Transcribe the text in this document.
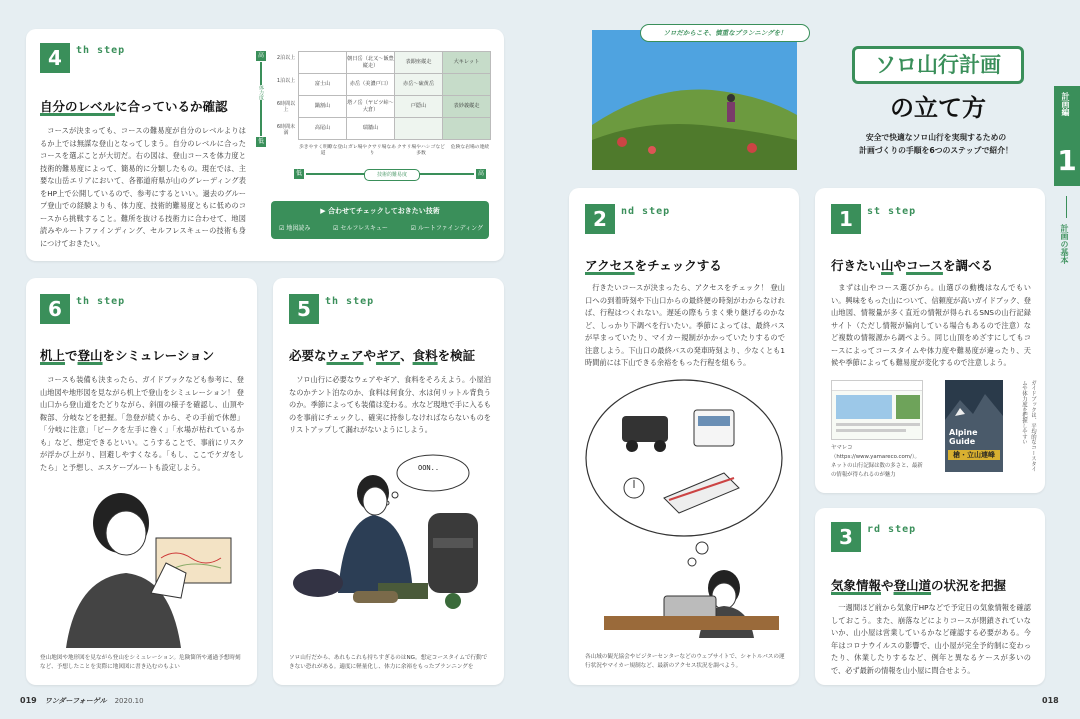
4	th step
自分のレベルに合っているか確認
コースが決まっても、コースの難易度が自分のレベルよりはるか上では無謀な登山となってしまう。自分のレベルに合ったコースを選ぶことが大切だ。右の図は、登山コースを体力度と技術的難易度によって、簡易的に分類したもの。現在では、主要な山岳エリアにおいて、各都道府県が山のグレーディング表をHP上で公開しているので、参考にするといい。過去のグループ登山での経験よりも、体力度、技術的難易度ともに低めのコースから挑戦すること。難所を抜ける技術力に合わせて、地図読みやルートファインディング、セルフレスキューの技術も身につけておきたい。
高
体力度
低
2泊以上
1泊以上
6時間以上
6時間未満
	朝日岳（北又〜飯豊縦走）	表銀座縦走	大キレット
富士山	赤岳（美濃戸口）	赤岳〜硫黄岳	
鍋割山	塔ノ岳（ヤビツ峠〜大倉）	戸隠山	表妙義縦走
高尾山	瑞牆山		
歩きやすく明瞭な登山道
ガレ場やクサリ場なあり
クサリ場やハシゴなど多数
危険な岩場の連続
低	技術的難易度	高
▶ 合わせてチェックしておきたい技術
☑ 地図読み	☑ セルフレスキュー	☑ ルートファインディング
6	th step
机上で登山をシミュレーション
コースも装備も決まったら、ガイドブックなども参考に、登山地図や地形図を見ながら机上で登山をシミュレーション！ 登山口から登山道をたどりながら、斜面の様子を確認し、山頂や鞍部、分岐などを把握。「急登が続くから、その手前で休憩」「分岐に注意」「ピークを左手に巻く」「水場が枯れているかも」など、想定できるといい。こうすることで、事前にリスクが浮かび上がり、回避しやすくなる。「もし、ここでケガをしたら」と予想し、エスケープルートも設定しよう。
登山地図や地形図を見ながら登山をシミュレーション。危険箇所や通過予想時刻など、予想したことを実際に地図図に書き込むのもよい
5	th step
必要なウェアやギア、食料を検証
ソロ山行に必要なウェアやギア、食料をそろえよう。小屋泊なのかテント泊なのか、食料は何食分、水は何リットル背負うのか。季節によっても装備は変わる。水など現地で手に入るものを事前にチェックし、確実に持参しなければならないものをリストアップして漏れがないようにしよう。
OON..
ソロ山行だから、あれもこれも持ちすぎるのはNG。想定コースタイムで行動できない恐れがある。適度に軽量化し、体力に余裕をもったプランニングを
ソロだからこそ、慎重なプランニングを！
ソロ山行計画
の立て方
安全で快適なソロ山行を実現するための
計画づくりの手順を6つのステップで紹介！
計画編
1
計画の基本
2	nd step
アクセスをチェックする
行きたいコースが決まったら、アクセスをチェック！ 登山口への到着時刻や下山口からの最終便の時刻がわからなければ、行程はつくれない。遅延の際もうまく乗り継げるのかなど、しっかり下調べを行いたい。季節によっては、最終バスが早まっていたり、マイカー規制がかかっていたりするので注意しよう。下山口の最終バスの発車時刻より、少なくとも1時間前には下山できる余裕をもった行程を組もう。
各山域の観光協会やビジターセンターなどのウェブサイトで、シャトルバスの運行状況やマイカー規制など、最新のアクセス状況を調べよう。
1	st step
行きたい山やコースを調べる
まずは山やコース選びから。山選びの動機はなんでもいい。興味をもった山について、信頼度が高いガイドブック、登山地図、情報量が多く直近の情報が得られるSNSの山行記録サイト（ただし情報が偏向している場合もあるので注意）など複数の情報源から調べよう。同じ山頂をめざすにしてもコースによってコースタイムや体力度や難易度が違ったり、天候や季節によっても難易度が変化するので注意しよう。
ヤマレコ（https://www.yamareco.com/）。ネットの山行記録は数の多さと、最新の情報が得られるのが魅力
Alpine
Guide
槍・立山連峰	ガイドブックは、平均的なコースタイムや体力度を把握しやすい
3	rd step
気象情報や登山道の状況を把握
一週間ほど前から気象庁HPなどで予定日の気象情報を確認しておこう。また、崩落などによりコースが閉鎖されていないか、山小屋は営業しているかなど確認する必要がある。今年はコロナウイルスの影響で、山小屋が完全予約制に変わったり、休業したりするなど、例年と異なるケースが多いので、必ず最新の情報を山小屋に問合せよう。
019 ワンダーフォーゲル 2020.10	018
